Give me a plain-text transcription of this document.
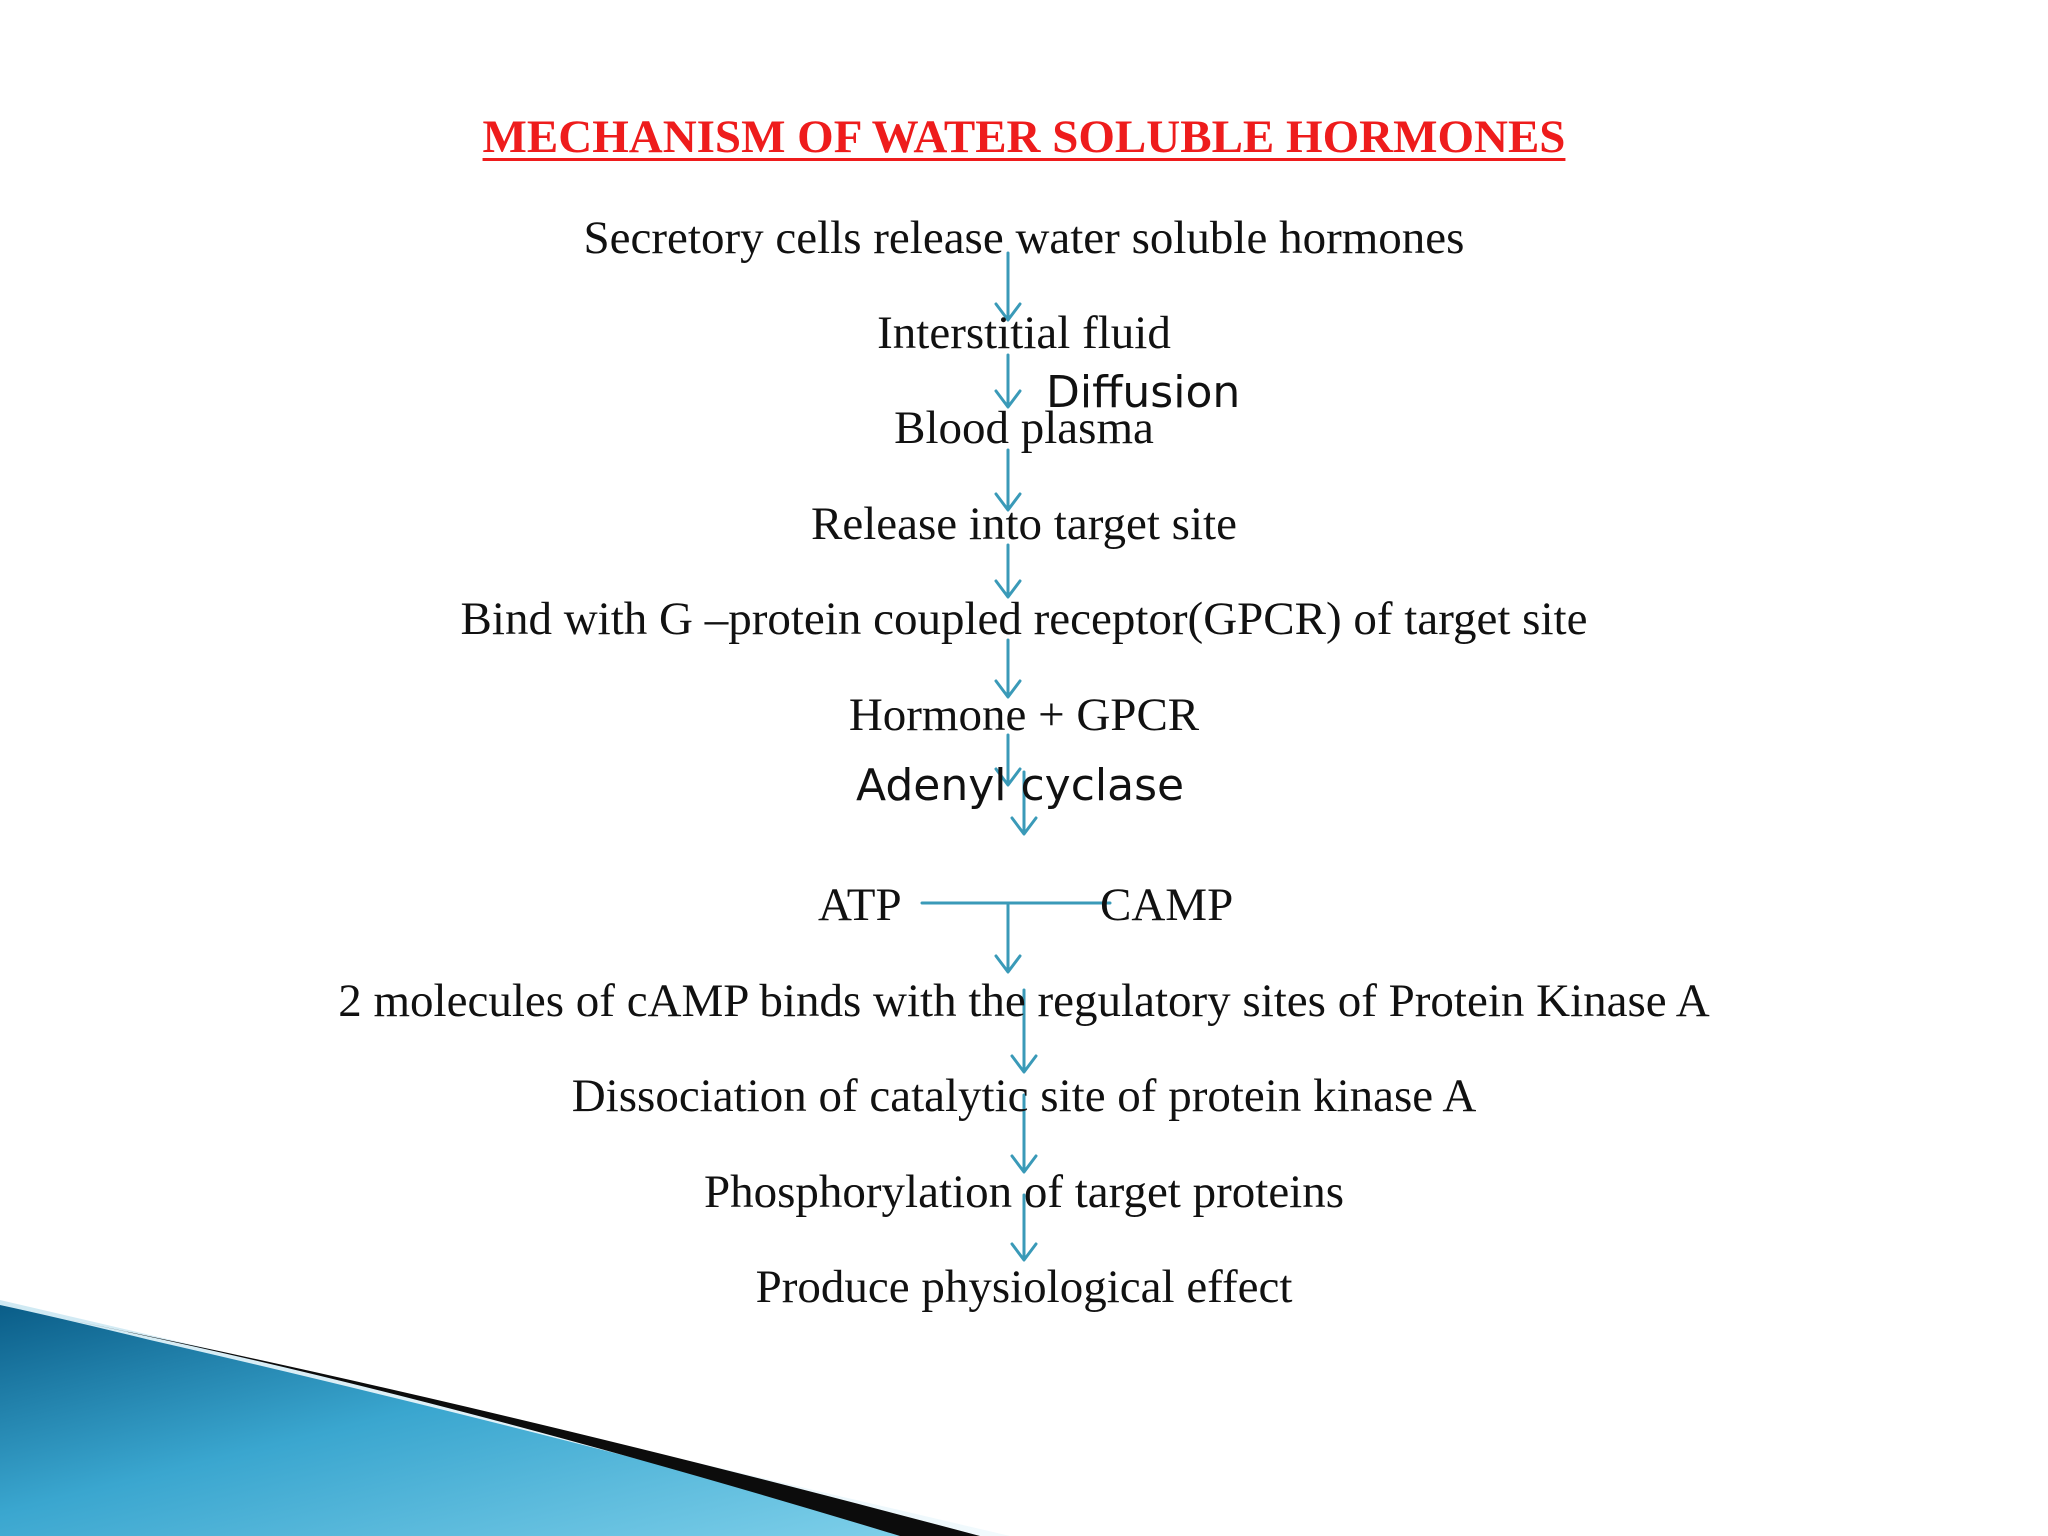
MECHANISM OF WATER SOLUBLE HORMONES
Secretory cells release water soluble hormones
Interstitial fluid
Diffusion
Blood plasma
Release into target site
Bind with G –protein coupled receptor(GPCR) of target site
Hormone + GPCR
Adenyl cyclase
ATP	CAMP
2 molecules of cAMP binds with the regulatory sites of Protein Kinase A
Dissociation of catalytic site of protein kinase A
Phosphorylation of target proteins
Produce physiological effect
